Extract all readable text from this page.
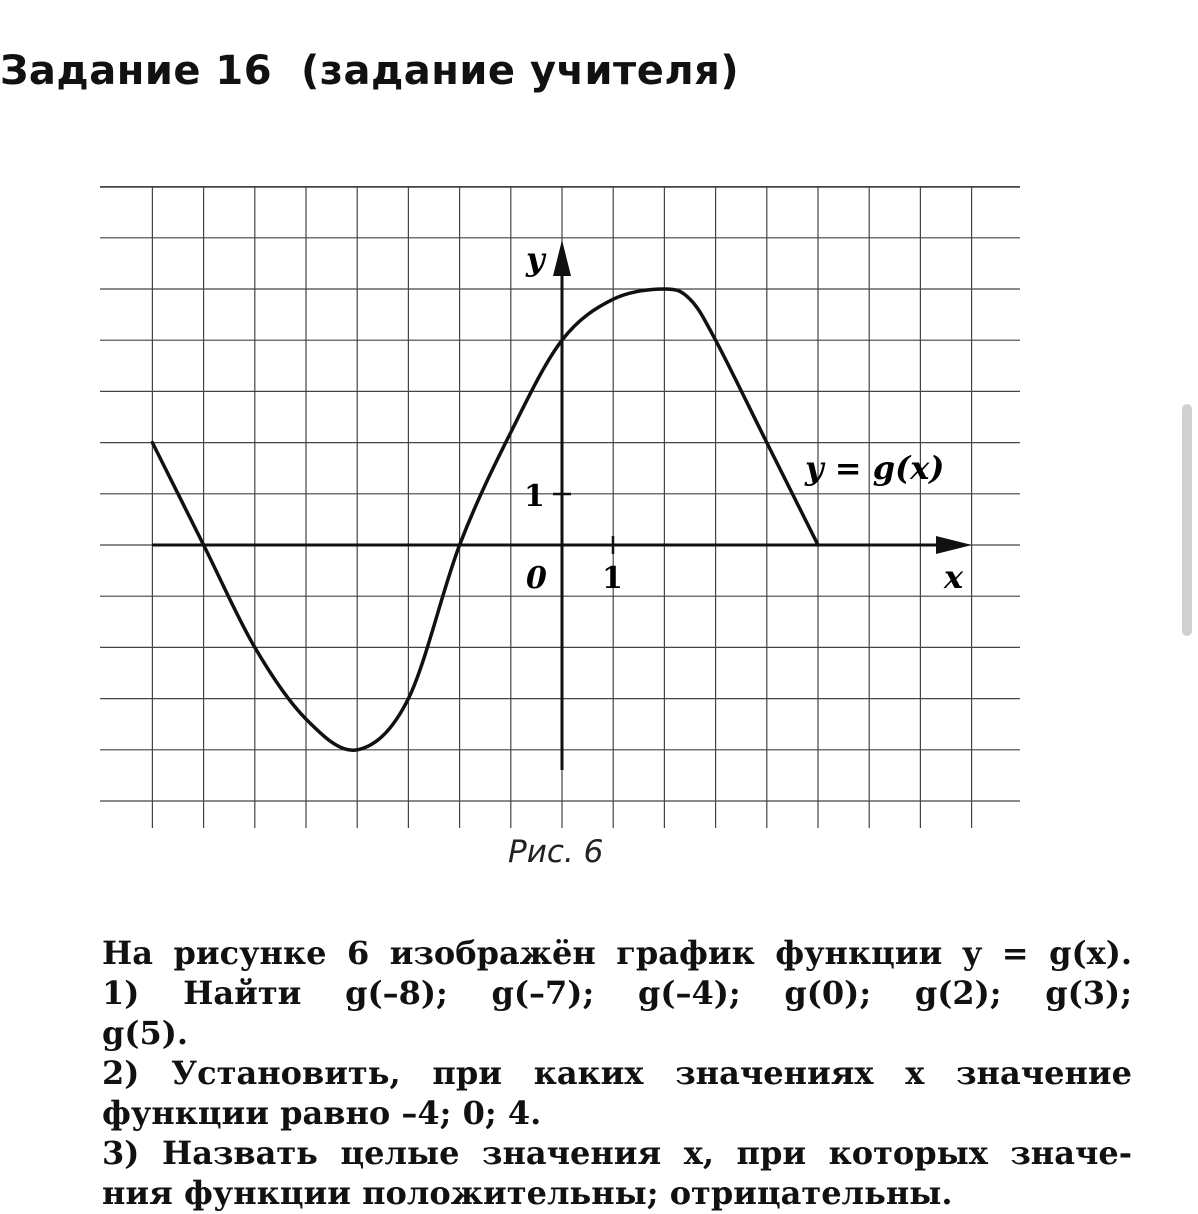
Задание 16  (задание учителя)
y
x
0 1
1
y = g(x)
Рис. 6

На рисунке 6 изображён график функции y = g(x).

1) Найти g(–8); g(–7); g(–4); g(0); g(2); g(3);

g(5).

2) Установить, при каких значениях x значение

функции равно –4; 0; 4.

3) Назвать целые значения x, при которых значе-

ния функции положительны; отрицательны.
